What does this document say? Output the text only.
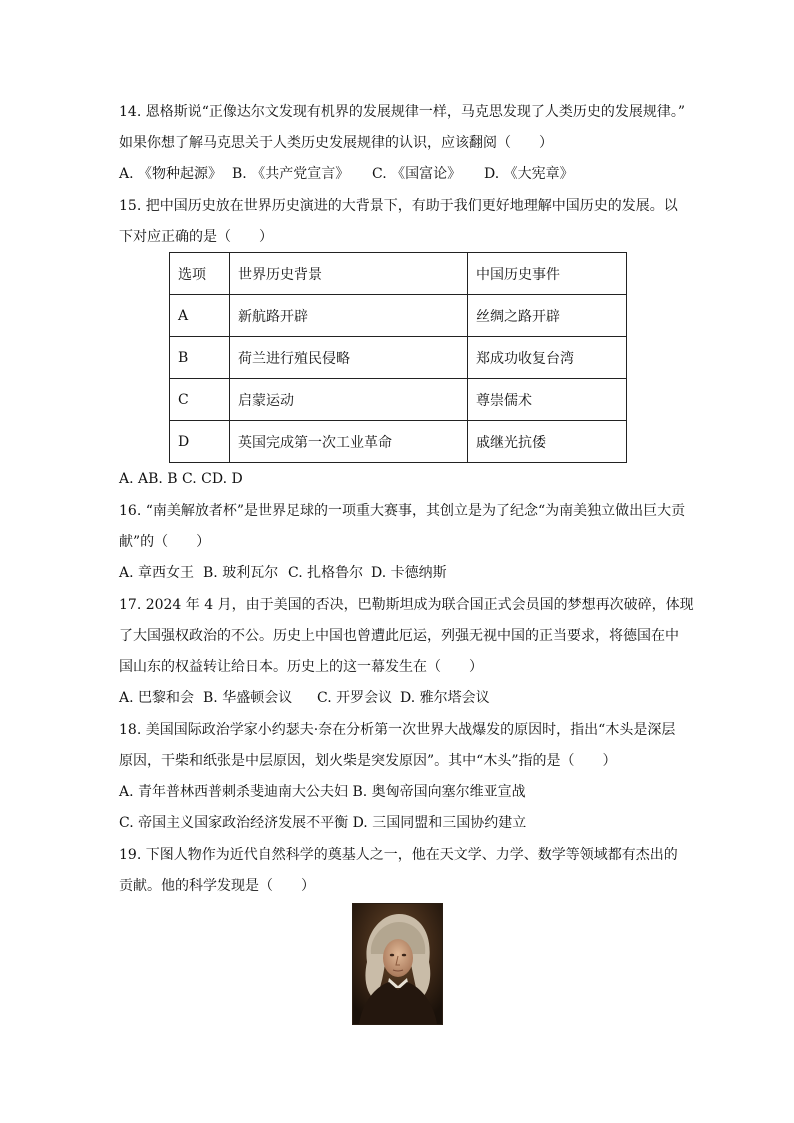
14. 恩格斯说“正像达尔文发现有机界的发展规律一样，马克思发现了人类历史的发展规律。”
如果你想了解马克思关于人类历史发展规律的认识，应该翻阅（　　）
A. 《物种起源》 B. 《共产党宣言》 C. 《国富论》 D. 《大宪章》
15. 把中国历史放在世界历史演进的大背景下，有助于我们更好地理解中国历史的发展。以
下对应正确的是（　　）
选项	世界历史背景	中国历史事件
A	新航路开辟	丝绸之路开辟
B	荷兰进行殖民侵略	郑成功收复台湾
C	启蒙运动	尊崇儒术
D	英国完成第一次工业革命	戚继光抗倭
A. AB. B C. CD. D
16. “南美解放者杯”是世界足球的一项重大赛事，其创立是为了纪念“为南美独立做出巨大贡
献”的（　　）
A. 章西女王 B. 玻利瓦尔 C. 扎格鲁尔 D. 卡德纳斯
17. 2024 年 4 月，由于美国的否决，巴勒斯坦成为联合国正式会员国的梦想再次破碎，体现
了大国强权政治的不公。历史上中国也曾遭此厄运，列强无视中国的正当要求，将德国在中
国山东的权益转让给日本。历史上的这一幕发生在（　　）
A. 巴黎和会 B. 华盛顿会议 C. 开罗会议 D. 雅尔塔会议
18. 美国国际政治学家小约瑟夫·奈在分析第一次世界大战爆发的原因时，指出“木头是深层
原因，干柴和纸张是中层原因，划火柴是突发原因”。其中“木头”指的是（　　）
A. 青年普林西普刺杀斐迪南大公夫妇 B. 奥匈帝国向塞尔维亚宣战
C. 帝国主义国家政治经济发展不平衡 D. 三国同盟和三国协约建立
19. 下图人物作为近代自然科学的奠基人之一，他在天文学、力学、数学等领域都有杰出的
贡献。他的科学发现是（　　）
